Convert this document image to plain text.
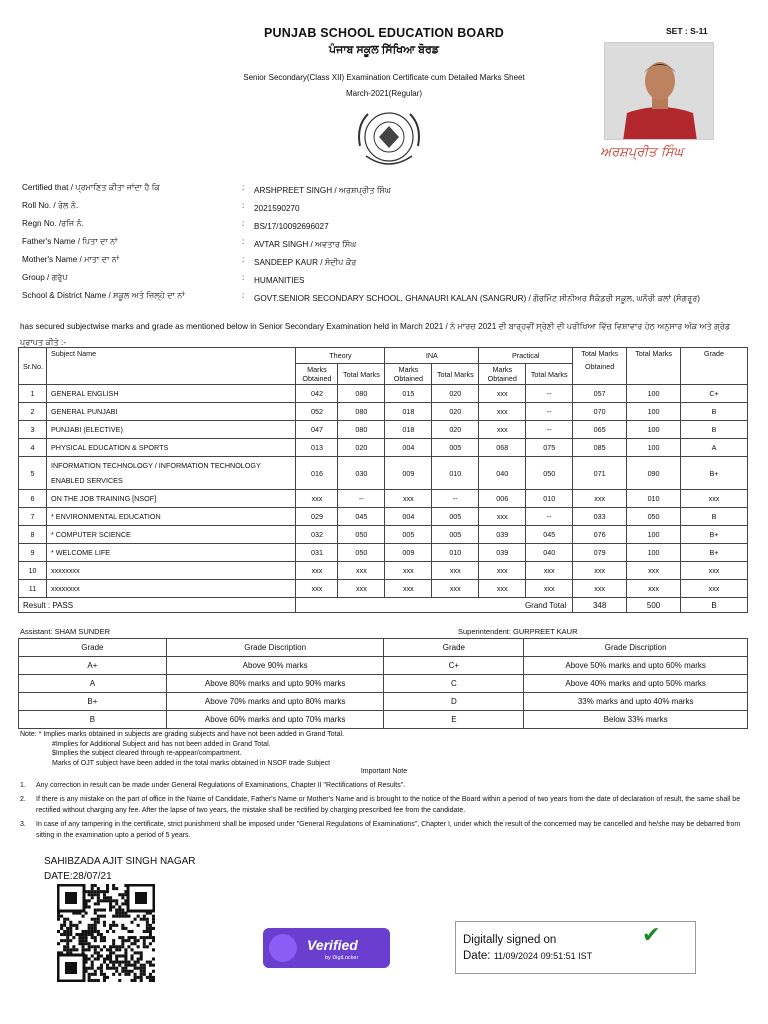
PUNJAB SCHOOL EDUCATION BOARD
ਪੰਜਾਬ ਸਕੂਲ ਸਿੱਖਿਆ ਬੋਰਡ
Senior Secondary(Class XII) Examination Certificate cum Detailed Marks Sheet
March-2021(Regular)
SET : S-11
ਅਰਸ਼ਪ੍ਰੀਤ ਸਿੰਘ
Certified that / ਪ੍ਰਮਾਣਿਤ ਕੀਤਾ ਜਾਂਦਾ ਹੈ ਕਿ	: ARSHPREET SINGH / ਅਰਸ਼ਪ੍ਰੀਤ ਸਿੰਘ
Roll No. / ਰੋਲ ਨੰ.	: 2021590270
Regn No. /ਰਜਿ ਨੰ.	: BS/17/10092696027
Father's Name / ਪਿਤਾ ਦਾ ਨਾਂ	: AVTAR SINGH / ਅਵਤਾਰ ਸਿੰਘ
Mother's Name / ਮਾਤਾ ਦਾ ਨਾਂ	: SANDEEP KAUR / ਸੰਦੀਪ ਕੌਰ
Group / ਗਰੁੱਪ	: HUMANITIES
School & District Name / ਸਕੂਲ ਅਤੇ ਜ਼ਿਲ੍ਹੇ ਦਾ ਨਾਂ	: GOVT.SENIOR SECONDARY SCHOOL, GHANAURI KALAN (SANGRUR) / ਗੌਰਮਿੰਟ ਸੀਨੀਅਰ ਸੈਕੰਡਰੀ ਸਕੂਲ, ਘਨੌਰੀ ਕਲਾਂ (ਸੰਗਰੂਰ)
has secured subjectwise marks and grade as mentioned below in Senior Secondary Examination held in March 2021 / ਨੇ ਮਾਰਚ 2021 ਦੀ ਬਾਰ੍ਹਵੀਂ ਸ੍ਰੇਣੀ ਦੀ ਪਰੀਖਿਆ ਵਿੱਚ ਵਿਸ਼ਾਵਾਰ ਹੇਠ ਅਨੁਸਾਰ ਅੰਕ ਅਤੇ ਗ੍ਰੇਡ ਪ੍ਰਾਪਤ ਕੀਤੇ :-
Sr.No.	Subject Name	Theory		INA		Practical		Total Marks
Obtained	Total Marks	Grade
		Marks Obtained	Total Marks	Marks Obtained	Total Marks	Marks Obtained	Total Marks			
1	GENERAL ENGLISH	042	080	015	020	xxx	--	057	100	C+
2	GENERAL PUNJABI	052	080	018	020	xxx	--	070	100	B
3	PUNJABI (ELECTIVE)	047	080	018	020	xxx	--	065	100	B
4	PHYSICAL EDUCATION & SPORTS	013	020	004	005	068	075	085	100	A
5	INFORMATION TECHNOLOGY / INFORMATION TECHNOLOGY ENABLED SERVICES	016	030	009	010	040	050	071	090	B+
6	ON THE JOB TRAINING [NSOF]	xxx	--	xxx	--	006	010	xxx	010	xxx
7	* ENVIRONMENTAL EDUCATION	029	045	004	005	xxx	--	033	050	B
8	* COMPUTER SCIENCE	032	050	005	005	039	045	076	100	B+
9	* WELCOME LIFE	031	050	009	010	039	040	079	100	B+
10	xxxxxxxx	xxx	xxx	xxx	xxx	xxx	xxx	xxx	xxx	xxx
11	xxxxxxxx	xxx	xxx	xxx	xxx	xxx	xxx	xxx	xxx	xxx
Result : PASS		Grand Total						348	500	B
Assistant: SHAM SUNDER	Superintendent: GURPREET KAUR
Grade	Grade Discription	Grade	Grade Discription
A+	Above 90% marks	C+	Above 50% marks and upto 60% marks
A	Above 80% marks and upto 90% marks	C	Above 40% marks and upto 50% marks
B+	Above 70% marks and upto 80% marks	D	33% marks and upto 40% marks
B	Above 60% marks and upto 70% marks	E	Below 33% marks
Note: * Implies marks obtained in subjects are grading subjects and have not been added in Grand Total.
#Implies for Additional Subject and has not been added in Grand Total.
$Implies the subject cleared through re-appear/compartment.
Marks of OJT subject have been added in the total marks obtained in NSOF trade Subject
Important Note
1. Any correction in result can be made under General Regulations of Examinations, Chapter II "Rectifications of Results".
2. If there is any mistake on the part of office in the Name of Candidate, Father's Name or Mother's Name and is brought to the notice of the Board within a period of two years from the date of declaration of result, the same shall be rectified without charging any fee. After the lapse of two years, the mistake shall be rectified by charging prescribed fee from the candidate.
3. In case of any tampering in the certificate, strict punishment shall be imposed under "General Regulations of Examinations", Chapter I, under which the result of the concerned may be cancelled and he/she may be debarred from sitting in the examination upto a period of 5 years.
SAHIBZADA AJIT SINGH NAGAR
DATE:28/07/21
Verified
by DigiLocker
Digitally signed on
Date: 11/09/2024 09:51:51 IST
✔
